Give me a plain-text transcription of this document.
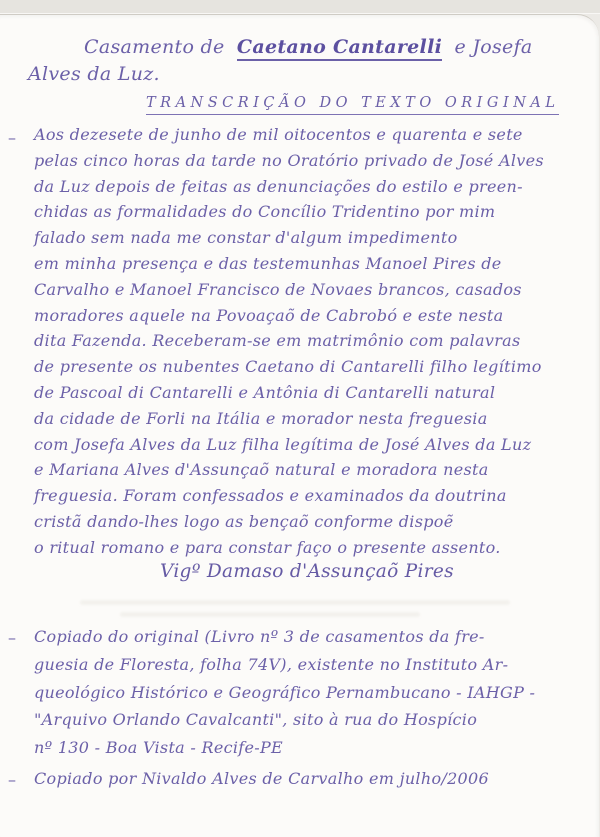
Casamento de Caetano Cantarelli e Josefa
Alves da Luz.
TRANSCRIÇÃO DO TEXTO ORIGINAL
– Aos dezesete de junho de mil oitocentos e quarenta e sete
pelas cinco horas da tarde no Oratório privado de José Alves
da Luz depois de feitas as denunciações do estilo e preen-
chidas as formalidades do Concílio Tridentino por mim
falado sem nada me constar d'algum impedimento
em minha presença e das testemunhas Manoel Pires de
Carvalho e Manoel Francisco de Novaes brancos, casados
moradores aquele na Povoaçaõ de Cabrobó e este nesta
dita Fazenda. Receberam-se em matrimônio com palavras
de presente os nubentes Caetano di Cantarelli filho legítimo
de Pascoal di Cantarelli e Antônia di Cantarelli natural
da cidade de Forli na Itália e morador nesta freguesia
com Josefa Alves da Luz filha legítima de José Alves da Luz
e Mariana Alves d'Assunçaõ natural e moradora nesta
freguesia. Foram confessados e examinados da doutrina
cristã dando-lhes logo as bençaõ conforme dispoẽ
o ritual romano e para constar faço o presente assento.
Vigº Damaso d'Assunçaõ Pires
– Copiado do original (Livro nº 3 de casamentos da fre-
guesia de Floresta, folha 74V), existente no Instituto Ar-
queológico Histórico e Geográfico Pernambucano - IAHGP -
"Arquivo Orlando Cavalcanti", sito à rua do Hospício
nº 130 - Boa Vista - Recife-PE
– Copiado por Nivaldo Alves de Carvalho em julho/2006
